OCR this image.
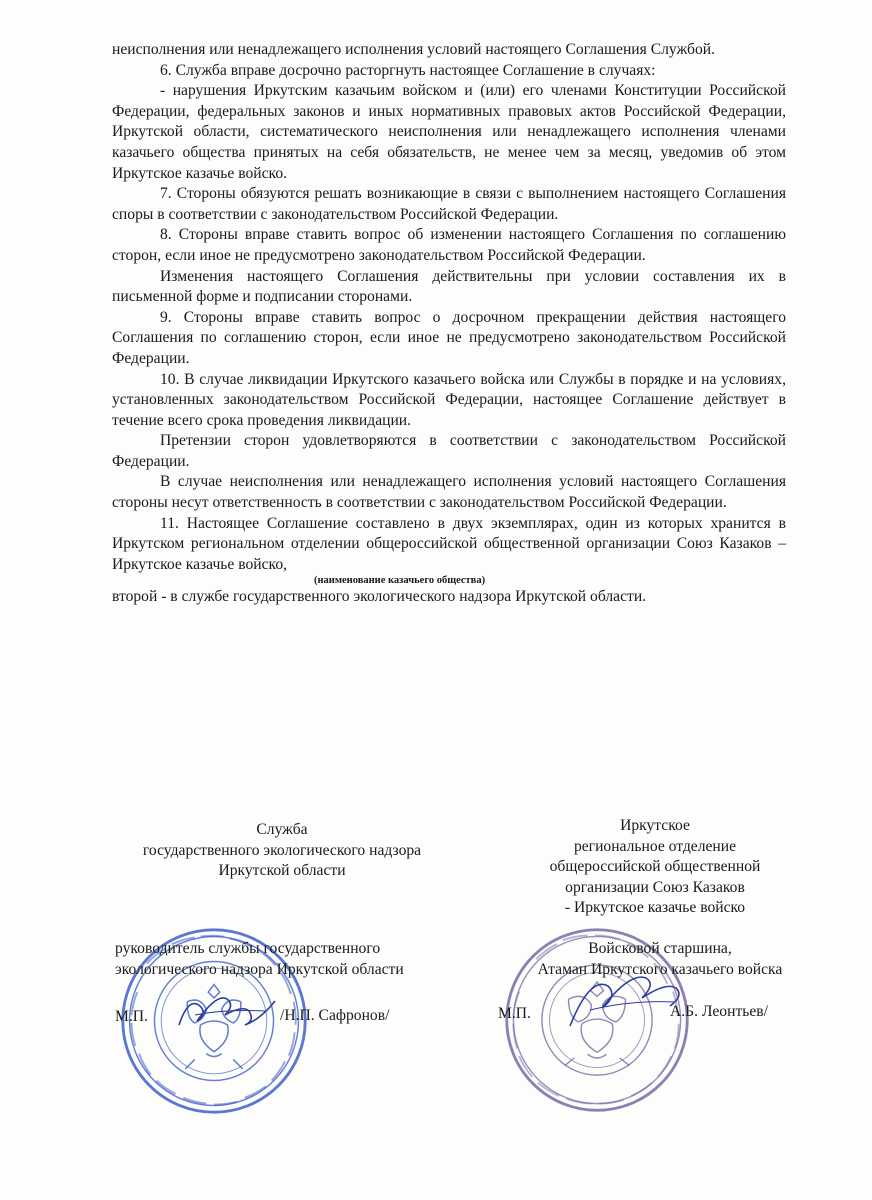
неисполнения или ненадлежащего исполнения условий настоящего Соглашения Службой.

6. Служба вправе досрочно расторгнуть настоящее Соглашение в случаях:

- нарушения Иркутским казачьим войском и (или) его членами Конституции Российской Федерации, федеральных законов и иных нормативных правовых актов Российской Федерации, Иркутской области, систематического неисполнения или ненадлежащего исполнения членами казачьего общества принятых на себя обязательств, не менее чем за месяц, уведомив об этом Иркутское казачье войско.

7. Стороны обязуются решать возникающие в связи с выполнением настоящего Соглашения споры в соответствии с законодательством Российской Федерации.

8. Стороны вправе ставить вопрос об изменении настоящего Соглашения по соглашению сторон, если иное не предусмотрено законодательством Российской Федерации.

Изменения настоящего Соглашения действительны при условии составления их в письменной форме и подписании сторонами.

9. Стороны вправе ставить вопрос о досрочном прекращении действия настоящего Соглашения по соглашению сторон, если иное не предусмотрено законодательством Российской Федерации.

10. В случае ликвидации Иркутского казачьего войска или Службы в порядке и на условиях, установленных законодательством Российской Федерации, настоящее Соглашение действует в течение всего срока проведения ликвидации.

Претензии сторон удовлетворяются в соответствии с законодательством Российской Федерации.

В случае неисполнения или ненадлежащего исполнения условий настоящего Соглашения стороны несут ответственность в соответствии с законодательством Российской Федерации.

11. Настоящее Соглашение составлено в двух экземплярах, один из которых хранится в Иркутском региональном отделении общероссийской общественной организации Союз Казаков – Иркутское казачье войско,

(наименование казачьего общества)

второй - в службе государственного экологического надзора Иркутской области.

Служба
государственного экологического надзора
Иркутской области
Иркутское
региональное отделение
общероссийской общественной
организации Союз Казаков
- Иркутское казачье войско
руководитель службы государственного
экологического надзора Иркутской области
Войсковой старшина,
Атаман Иркутского казачьего войска
М.П.	/Н.П. Сафронов/	М.П.	А.Б. Леонтьев/
